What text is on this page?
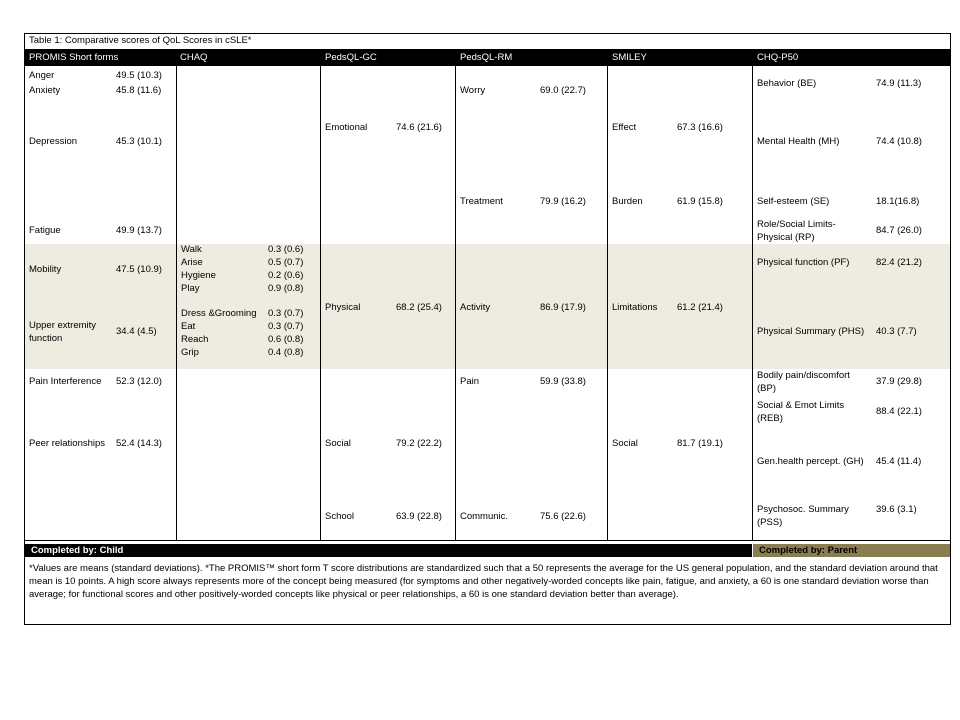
Table 1: Comparative scores of QoL Scores in cSLE*
PROMIS Short forms	CHAQ	PedsQL-GC	PedsQL-RM	SMILEY	CHQ-P50
Anger	49.5 (10.3)
Anxiety	45.8 (11.6)
Depression	45.3 (10.1)
Fatigue	49.9 (13.7)
Mobility	47.5 (10.9)
Upper extremity
function
34.4 (4.5)
Pain Interference 52.3 (12.0)
Peer relationships 52.4 (14.3)
Walk	0.3 (0.6)
Arise	0.5 (0.7)
Hygiene	0.2 (0.6)
Play	0.9 (0.8)
Dress &Grooming 0.3 (0.7)
Eat	0.3 (0.7)
Reach	0.6 (0.8)
Grip	0.4 (0.8)
Emotional	74.6 (21.6)
Physical	68.2 (25.4)
Social	79.2 (22.2)
School	63.9 (22.8)
Worry	69.0 (22.7)
Treatment	79.9 (16.2)
Activity	86.9 (17.9)
Pain	59.9 (33.8)
Communic.	75.6 (22.6)
Effect	67.3 (16.6)
Burden	61.9 (15.8)
Limitations 61.2 (21.4)
Social	81.7 (19.1)
Behavior (BE)	74.9 (11.3)
Mental Health (MH)	74.4 (10.8)
Self-esteem (SE)	18.1(16.8)
Role/Social Limits-
Physical (RP)
84.7 (26.0)
Physical function (PF)	82.4 (21.2)
Physical Summary (PHS) 40.3 (7.7)
Bodily pain/discomfort
(BP)
37.9 (29.8)
Social & Emot Limits
(REB)
88.4 (22.1)
Gen.health percept. (GH) 45.4 (11.4)
Psychosoc. Summary
(PSS)
39.6 (3.1)
Completed by: Child	Completed by: Parent
*Values are means (standard deviations). *The PROMIS™ short form T score distributions are standardized such that a 50 represents the average for the US general population, and the standard deviation around that mean is 10 points. A high score always represents more of the concept being measured (for symptoms and other negatively-worded concepts like pain, fatigue, and anxiety, a 60 is one standard deviation worse than average; for functional scores and other positively-worded concepts like physical or peer relationships, a 60 is one standard deviation better than average).
